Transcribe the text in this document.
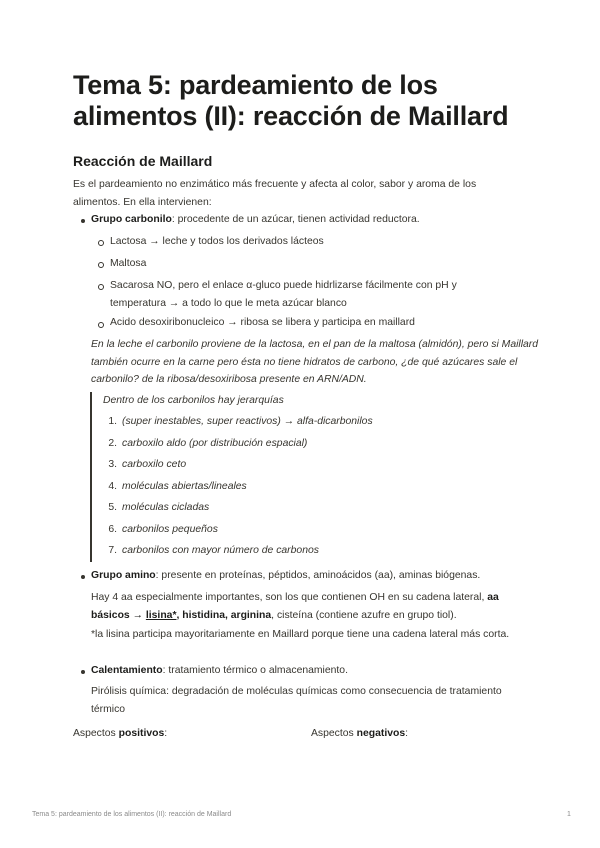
Tema 5: pardeamiento de los alimentos (II): reacción de Maillard
Reacción de Maillard
Es el pardeamiento no enzimático más frecuente y afecta al color, sabor y aroma de los alimentos. En ella intervienen:
Grupo carbonilo: procedente de un azúcar, tienen actividad reductora.
Lactosa → leche y todos los derivados lácteos
Maltosa
Sacarosa NO, pero el enlace α-gluco puede hidrlizarse fácilmente con pH y temperatura → a todo lo que le meta azúcar blanco
Acido desoxiribonucleico → ribosa se libera y participa en maillard
En la leche el carbonilo proviene de la lactosa, en el pan de la maltosa (almidón), pero si Maillard también ocurre en la carne pero ésta no tiene hidratos de carbono, ¿de qué azúcares sale el carbonilo? de la ribosa/desoxiribosa presente en ARN/ADN.
Dentro de los carbonilos hay jerarquías
1. (super inestables, super reactivos) → alfa-dicarbonilos
2. carboxilo aldo (por distribución espacial)
3. carboxilo ceto
4. moléculas abiertas/lineales
5. moléculas cicladas
6. carbonilos pequeños
7. carbonilos con mayor número de carbonos
Grupo amino: presente en proteínas, péptidos, aminoácidos (aa), aminas biógenas.
Hay 4 aa especialmente importantes, son los que contienen OH en su cadena lateral, aa básicos → lisina*, histidina, arginina, cisteína (contiene azufre en grupo tiol).
*la lisina participa mayoritariamente en Maillard porque tiene una cadena lateral más corta.
Calentamiento: tratamiento térmico o almacenamiento.
Pirólisis química: degradación de moléculas químicas como consecuencia de tratamiento térmico
Aspectos positivos:	Aspectos negativos:
Tema 5: pardeamiento de los alimentos (II): reacción de Maillard	1
